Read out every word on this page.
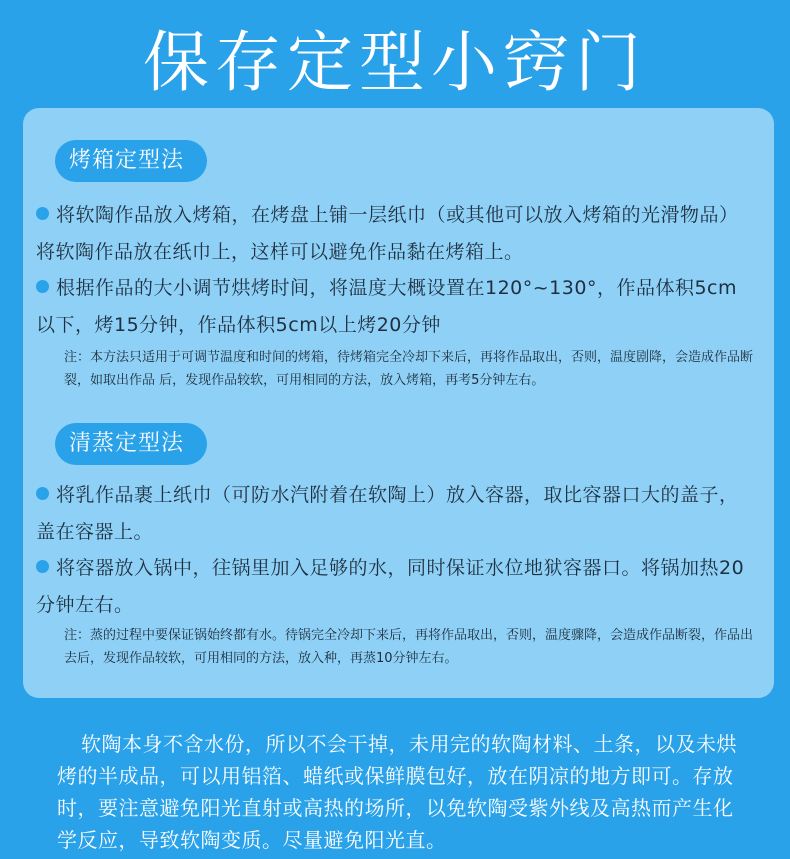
保存定型小窍门
烤箱定型法
将软陶作品放入烤箱，在烤盘上铺一层纸巾（或其他可以放入烤箱的光滑物品）将软陶作品放在纸巾上，这样可以避免作品黏在烤箱上。
根据作品的大小调节烘烤时间，将温度大概设置在120°~130°，作品体积5cm以下，烤15分钟，作品体积5cm以上烤20分钟
注：本方法只适用于可调节温度和时间的烤箱，待烤箱完全冷却下来后，再将作品取出，否则，温度剧降，会造成作品断裂，如取出作品 后，发现作品较软，可用相同的方法，放入烤箱，再考5分钟左右。
清蒸定型法
将乳作品裹上纸巾（可防水汽附着在软陶上）放入容器，取比容器口大的盖子，盖在容器上。
将容器放入锅中，往锅里加入足够的水，同时保证水位地狱容器口。将锅加热20分钟左右。
注：蒸的过程中要保证锅始终都有水。待锅完全冷却下来后，再将作品取出，否则，温度骤降，会造成作品断裂，作品出去后，发现作品较软，可用相同的方法，放入种，再蒸10分钟左右。

软陶本身不含水份，所以不会干掉，未用完的软陶材料、土条，以及未烘烤的半成品，可以用铝箔、蜡纸或保鲜膜包好，放在阴凉的地方即可。存放时，要注意避免阳光直射或高热的场所，以免软陶受紫外线及高热而产生化学反应，导致软陶变质。尽量避免阳光直。
